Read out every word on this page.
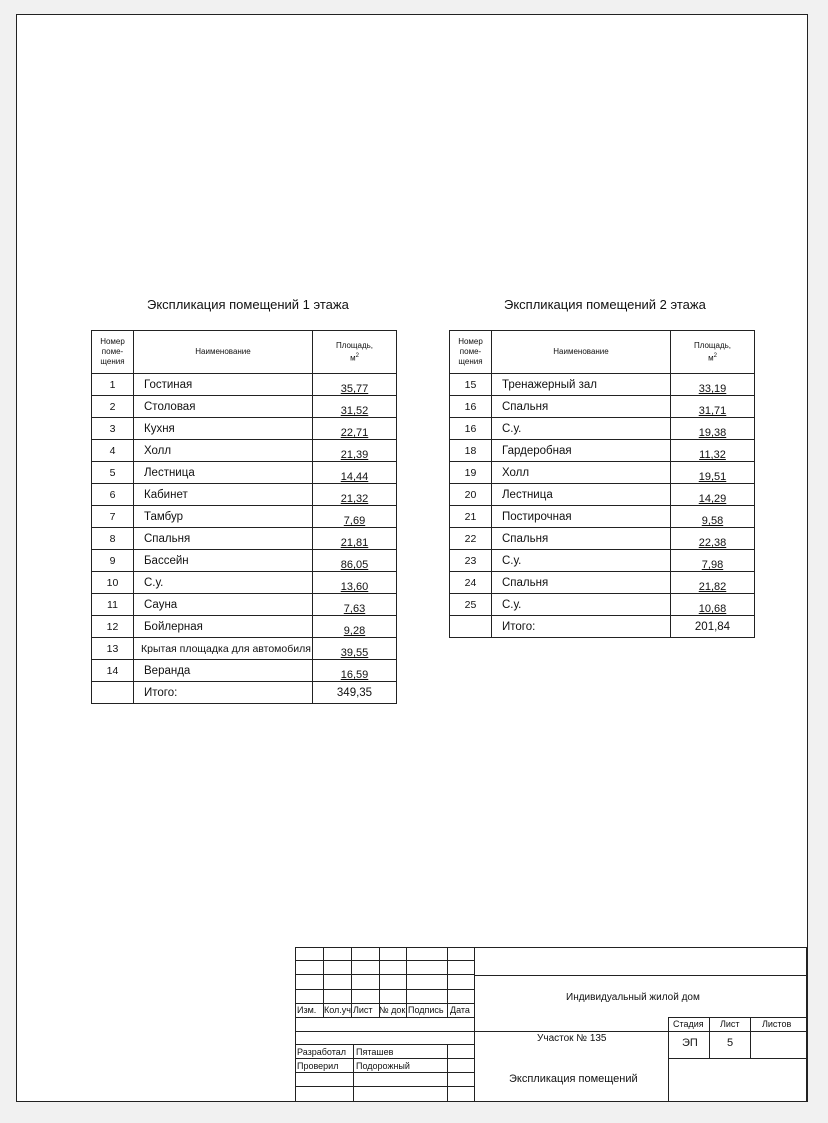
Экспликация помещений 1 этажа	Экспликация помещений 2 этажа
Номер
поме-
щения	Наименование	Площадь,
$м^2$
1	Гостиная	35,77
2	Столовая	31,52
3	Кухня	22,71
4	Холл	21,39
5	Лестница	14,44
6	Кабинет	21,32
7	Тамбур	7,69
8	Спальня	21,81
9	Бассейн	86,05
10	С.у.	13,60
11	Сауна	7,63
12	Бойлерная	9,28
13	Крытая площадка для автомобиля	39,55
14	Веранда	16,59
	Итого:	349,35
Номер
поме-
щения	Наименование	Площадь,
$м^2$
15	Тренажерный зал	33,19
16	Спальня	31,71
16	С.у.	19,38
18	Гардеробная	11,32
19	Холл	19,51
20	Лестница	14,29
21	Постирочная	9,58
22	Спальня	22,38
23	С.у.	7,98
24	Спальня	21,82
25	С.у.	10,68
	Итого:	201,84
Изм. Кол.уч Лист № док Подпись Дата
Разработал Пяташев
Проверил Подорожный
Индивидуальный жилой дом
Участок № 135
Экспликация помещений
Стадия Лист Листов
ЭП	5
